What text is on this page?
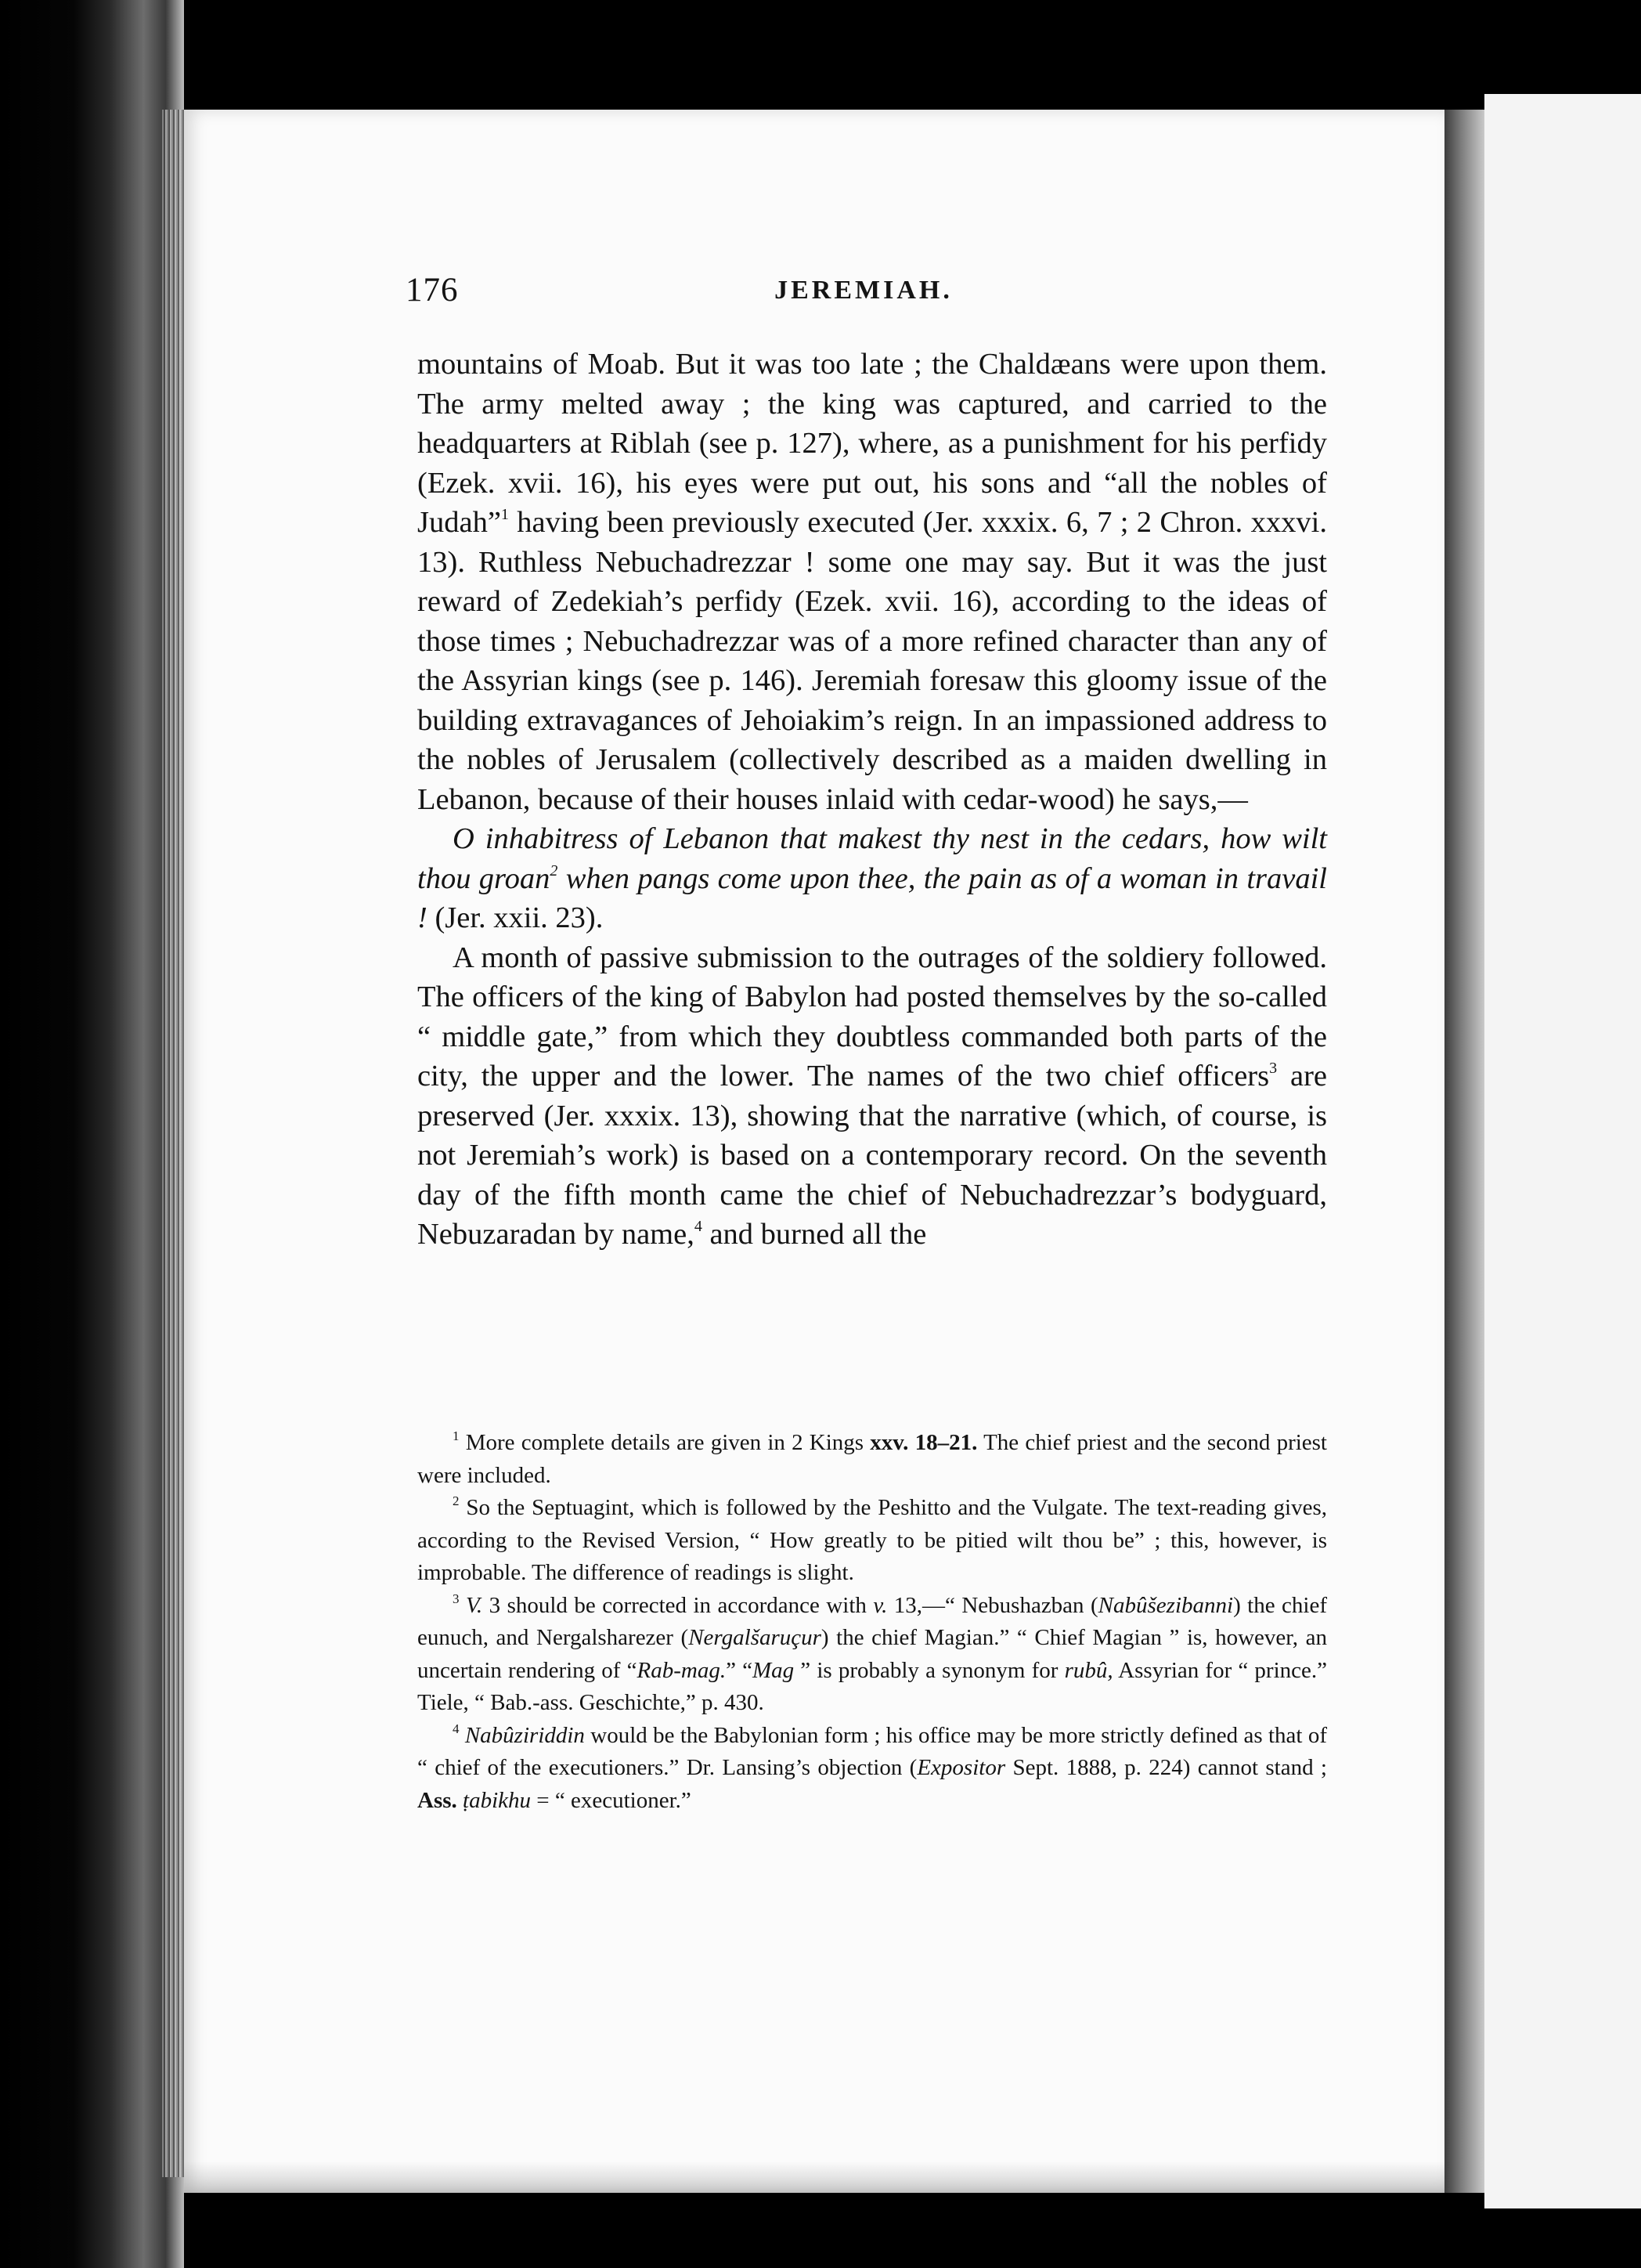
176	JEREMIAH.

mountains of Moab. But it was too late ; the Chaldæans were upon them. The army melted away ; the king was captured, and carried to the headquarters at Riblah (see p. 127), where, as a punishment for his perfidy (Ezek. xvii. 16), his eyes were put out, his sons and “all the nobles of Judah”$^1$ having been previously executed (Jer. xxxix. 6, 7 ; 2 Chron. xxxvi. 13). Ruthless Nebuchadrezzar ! some one may say. But it was the just reward of Zedekiah’s perfidy (Ezek. xvii. 16), according to the ideas of those times ; Nebuchadrezzar was of a more refined character than any of the Assyrian kings (see p. 146). Jeremiah foresaw this gloomy issue of the building extravagances of Jehoiakim’s reign. In an impassioned address to the nobles of Jerusalem (collectively described as a maiden dwelling in Lebanon, because of their houses inlaid with cedar-wood) he says,—

O inhabitress of Lebanon that makest thy nest in the cedars, how wilt thou groan$^2$ when pangs come upon thee, the pain as of a woman in travail ! (Jer. xxii. 23).

A month of passive submission to the outrages of the soldiery followed. The officers of the king of Babylon had posted themselves by the so-called “ middle gate,” from which they doubtless commanded both parts of the city, the upper and the lower. The names of the two chief officers$^3$ are preserved (Jer. xxxix. 13), showing that the narrative (which, of course, is not Jeremiah’s work) is based on a contemporary record. On the seventh day of the fifth month came the chief of Nebuchadrezzar’s bodyguard, Nebuzaradan by name,$^4$ and burned all the

$^1$ More complete details are given in 2 Kings xxv. 18–21. The chief priest and the second priest were included.

$^2$ So the Septuagint, which is followed by the Peshitto and the Vulgate. The text-reading gives, according to the Revised Version, “ How greatly to be pitied wilt thou be” ; this, however, is improbable. The difference of readings is slight.

$^3$ V. 3 should be corrected in accordance with v. 13,—“ Nebushazban (Nabûšezibanni) the chief eunuch, and Nergalsharezer (Nergalšaruçur) the chief Magian.” “ Chief Magian ” is, however, an uncertain rendering of “Rab-mag.” “Mag ” is probably a synonym for rubû, Assyrian for “ prince.” Tiele, “ Bab.-ass. Geschichte,” p. 430.

$^4$ Nabûziriddin would be the Babylonian form ; his office may be more strictly defined as that of “ chief of the executioners.” Dr. Lansing’s objection (Expositor Sept. 1888, p. 224) cannot stand ; Ass. ṭabikhu = “ executioner.”
